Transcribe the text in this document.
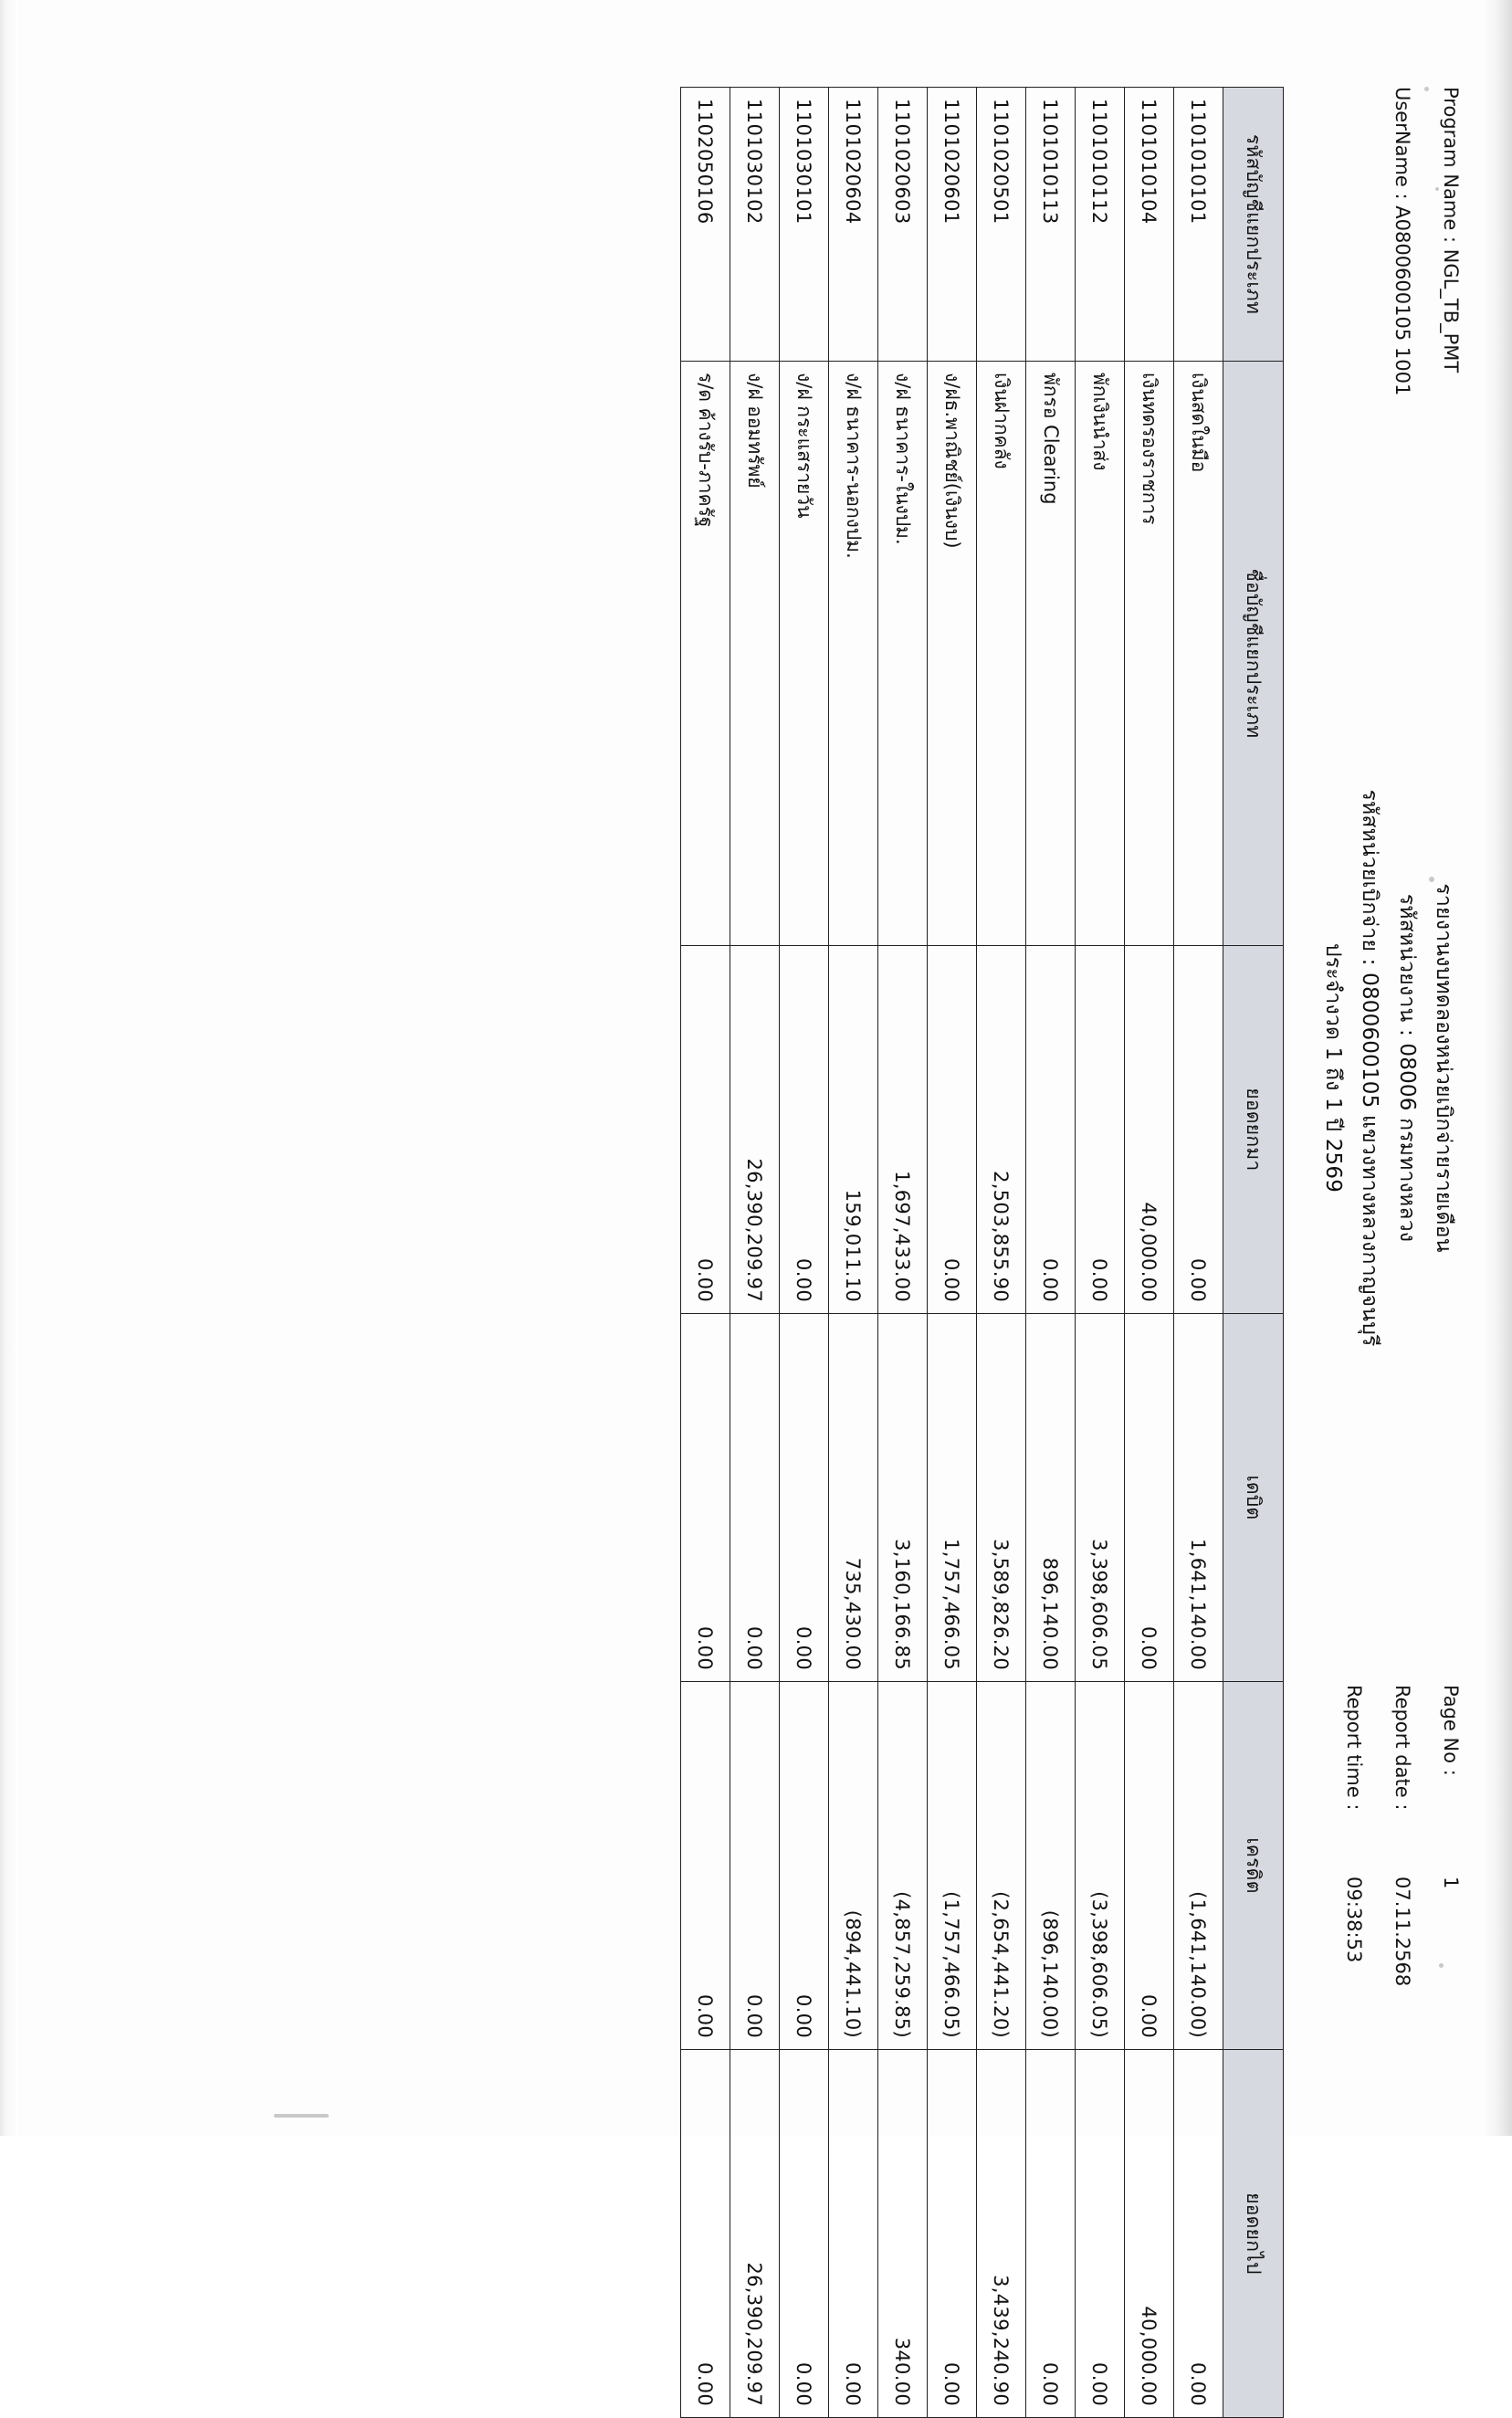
Program Name : NGL_TB_PMT
UserName : A0800600105 1001
รายงานงบทดลองหน่วยเบิกจ่ายรายเดือน
รหัสหน่วยงาน : 08006 กรมทางหลวง
รหัสหน่วยเบิกจ่าย : 0800600105 แขวงทางหลวงกาญจนบุรี
ประจำงวด 1 ถึง 1 ปี 2569
Page No :
1
Report date :
07.11.2568
Report time :
09:38:53
รหัสบัญชีแยกประเภท	ชื่อบัญชีแยกประเภท	ยอดยกมา	เดบิต	เครดิต	ยอดยกไป
1101010101	เงินสดในมือ	0.00	1,641,140.00	(1,641,140.00)	0.00
1101010104	เงินทดรองราชการ	40,000.00	0.00	0.00	40,000.00
1101010112	พักเงินนำส่ง	0.00	3,398,606.05	(3,398,606.05)	0.00
1101010113	พักรอ Clearing	0.00	896,140.00	(896,140.00)	0.00
1101020501	เงินฝากคลัง	2,503,855.90	3,589,826.20	(2,654,441.20)	3,439,240.90
1101020601	ง/ฝธ.พาณิชย์(เงินงบ)	0.00	1,757,466.05	(1,757,466.05)	0.00
1101020603	ง/ฝ ธนาคาร-ในงปม.	1,697,433.00	3,160,166.85	(4,857,259.85)	340.00
1101020604	ง/ฝ ธนาคาร-นอกงปม.	159,011.10	735,430.00	(894,441.10)	0.00
1101030101	ง/ฝ กระแสรายวัน	0.00	0.00	0.00	0.00
1101030102	ง/ฝ ออมทรัพย์	26,390,209.97	0.00	0.00	26,390,209.97
1102050106	ร/ด ค้างรับ-ภาครัฐ	0.00	0.00	0.00	0.00
